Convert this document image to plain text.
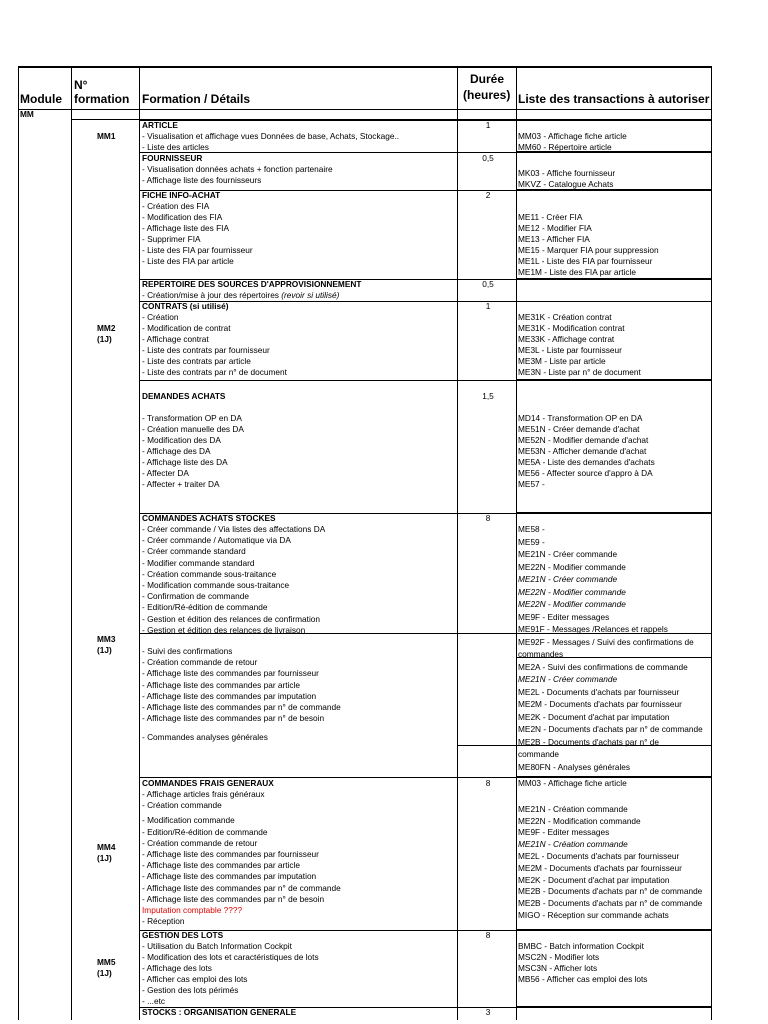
Module
N°
formation Formation / Détails
Durée
(heures) Liste des transactions à autoriser
MM
MM1
1
ARTICLE
- Visualisation et affichage vues Données de base, Achats, Stockage..
- Liste des articles
MM03 - Affichage fiche article
MM60 - Répertoire article
0,5
FOURNISSEUR
- Visualisation données achats + fonction partenaire
- Affichage liste des fournisseurs
MK03 - Affiche fournisseur
MKVZ - Catalogue Achats
2
FICHE INFO-ACHAT
- Création des FIA
- Modification des FIA
- Affichage liste des FIA
- Supprimer FIA
- Liste des FIA par fournisseur
- Liste des FIA par article
ME11 - Créer FIA
ME12 - Modifier FIA
ME13 - Afficher FIA
ME15 - Marquer FIA pour suppression
ME1L - Liste des FIA par fournisseur
ME1M - Liste des FIA par article
0,5
REPERTOIRE DES SOURCES D'APPROVISIONNEMENT
- Création/mise à jour des répertoires (revoir si utilisé)
MM2
(1J)
1
CONTRATS (si utilisé)
- Création
- Modification de contrat
- Affichage contrat
- Liste des contrats par fournisseur
- Liste des contrats par article
- Liste des contrats par n° de document
ME31K - Création contrat
ME31K - Modification contrat
ME33K - Affichage contrat
ME3L - Liste par fournisseur
ME3M - Liste par article
ME3N - Liste par n° de document
1,5
DEMANDES ACHATS
- Transformation OP en DA
- Création manuelle des DA
- Modification des DA
- Affichage des DA
- Affichage liste des DA
- Affecter DA
- Affecter + traiter DA
MD14 - Transformation OP en DA
ME51N - Créer demande d'achat
ME52N - Modifier demande d'achat
ME53N - Afficher demande d'achat
ME5A - Liste des demandes d'achats
ME56 - Affecter source d'appro à DA
ME57 -
MM3
(1J)
8
COMMANDES ACHATS STOCKES
- Créer commande / Via listes des affectations DA
- Créer commande / Automatique via DA
- Créer commande standard
- Modifier commande standard
- Création commande sous-traitance
- Modification commande sous-traitance
- Confirmation de commande
- Edition/Ré-édition de commande
- Gestion et édition des relances de confirmation
- Gestion et édition des relances de livraison
- Suivi des confirmations
- Création commande de retour
- Affichage liste des commandes par fournisseur
- Affichage liste des commandes par article
- Affichage liste des commandes par imputation
- Affichage liste des commandes par n° de commande
- Affichage liste des commandes par n° de besoin
- Commandes analyses générales
ME58 -
ME59 -
ME21N - Créer commande
ME22N - Modifier commande
ME21N - Créer commande
ME22N - Modifier commande
ME22N - Modifier commande
ME9F - Editer messages
ME91F - Messages /Relances et rappels
ME92F - Messages / Suivi des confirmations de
commandes
ME2A - Suivi des confirmations de commande
ME21N - Créer commande
ME2L - Documents d'achats par fournisseur
ME2M - Documents d'achats par fournisseur
ME2K - Document d'achat par imputation
ME2N - Documents d'achats par n° de commande
ME2B - Documents d'achats par n° de
commande
ME80FN - Analyses générales
MM4
(1J)
8
COMMANDES FRAIS GENERAUX
- Affichage articles frais généraux
- Création commande
- Modification commande
- Edition/Ré-édition de commande
- Création commande de retour
- Affichage liste des commandes par fournisseur
- Affichage liste des commandes par article
- Affichage liste des commandes par imputation
- Affichage liste des commandes par n° de commande
- Affichage liste des commandes par n° de besoin
Imputation comptable ????
- Réception
MM03 - Affichage fiche article
ME21N - Création commande
ME22N - Modification commande
ME9F - Editer messages
ME21N - Création commande
ME2L - Documents d'achats par fournisseur
ME2M - Documents d'achats par fournisseur
ME2K - Document d'achat par imputation
ME2B - Documents d'achats par n° de commande
ME2B - Documents d'achats par n° de commande
MIGO - Réception sur commande achats
MM5
(1J)
8
GESTION DES LOTS
- Utilisation du Batch Information Cockpit
- Modification des lots et caractéristiques de lots
- Affichage des lots
- Afficher cas emploi des lots
- Gestion des lots périmés
- ...etc
BMBC - Batch information Cockpit
MSC2N - Modifier lots
MSC3N - Afficher lots
MB56 - Afficher cas emploi des lots
3
STOCKS : ORGANISATION GENERALE
